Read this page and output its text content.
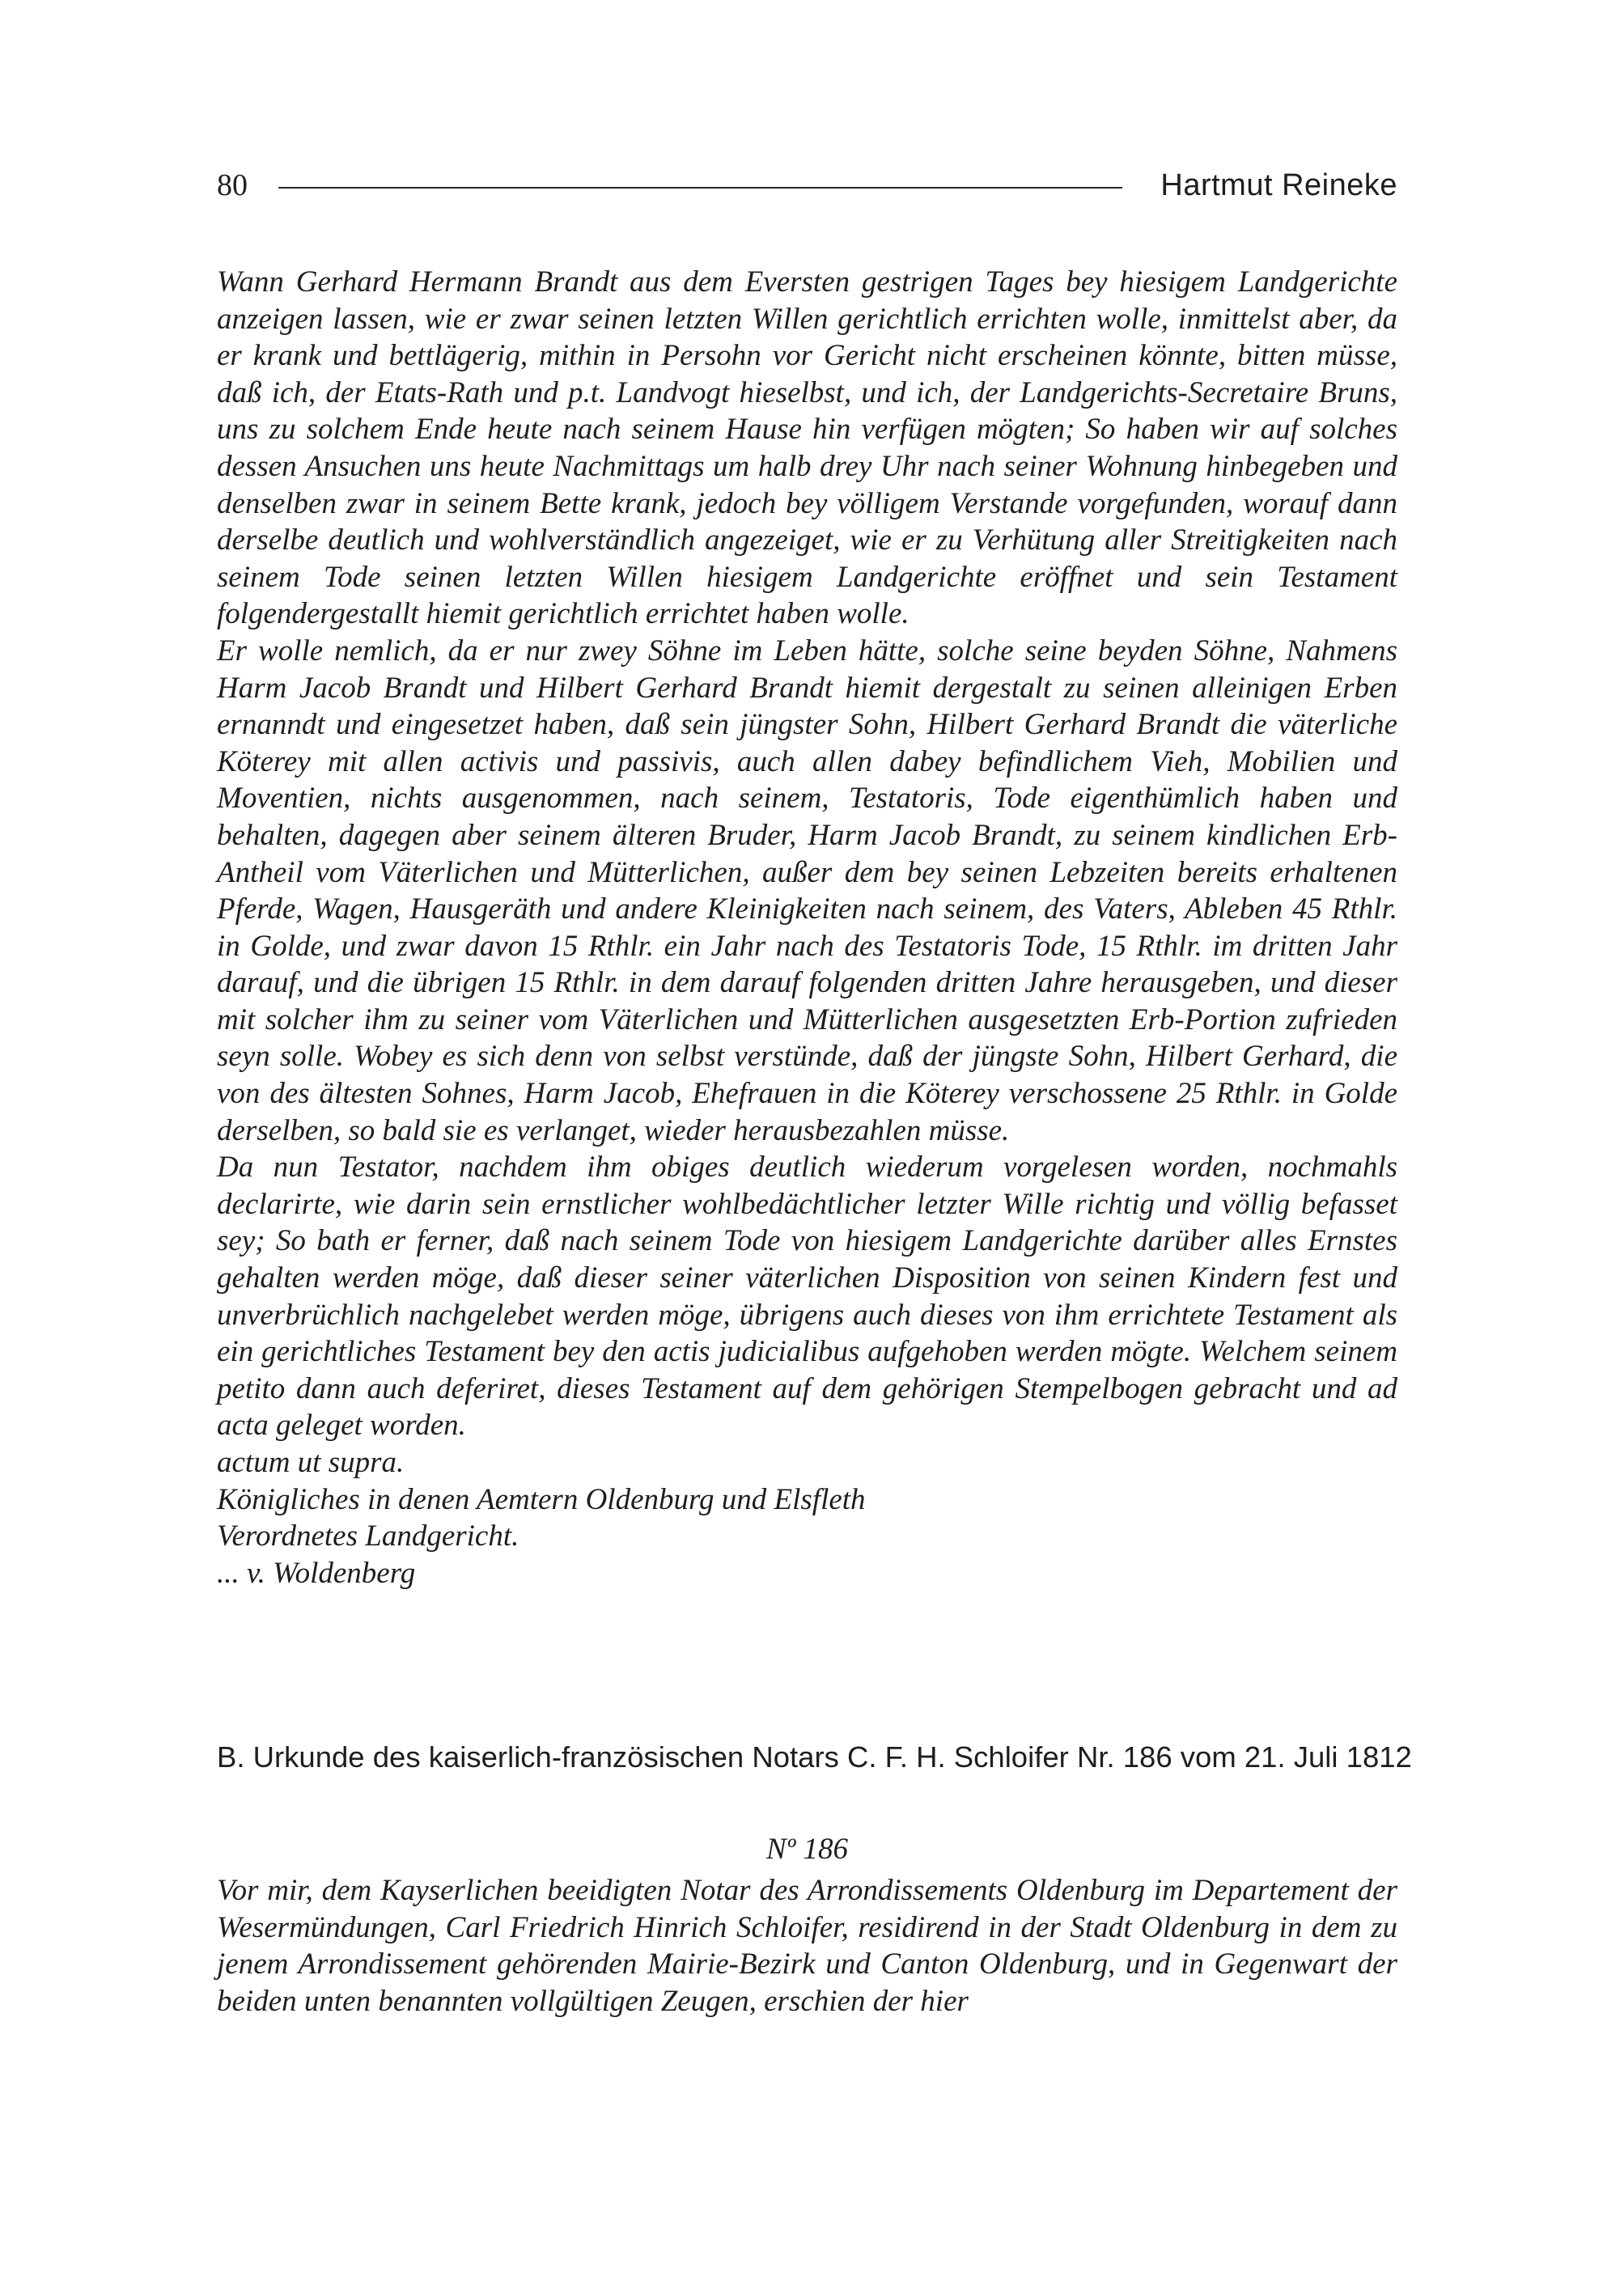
80	Hartmut Reineke

Wann Gerhard Hermann Brandt aus dem Eversten gestrigen Tages bey hiesigem Landgerichte anzeigen lassen, wie er zwar seinen letzten Willen gerichtlich errichten wolle, inmittelst aber, da er krank und bettlägerig, mithin in Persohn vor Gericht nicht erscheinen könnte, bitten müsse, daß ich, der Etats-Rath und p.t. Landvogt hieselbst, und ich, der Landgerichts-Secretaire Bruns, uns zu solchem Ende heute nach seinem Hause hin verfügen mögten; So haben wir auf solches dessen Ansuchen uns heute Nachmittags um halb drey Uhr nach seiner Wohnung hinbegeben und denselben zwar in seinem Bette krank, jedoch bey völligem Verstande vorgefunden, worauf dann derselbe deutlich und wohlverständlich angezeiget, wie er zu Verhütung aller Streitigkeiten nach seinem Tode seinen letzten Willen hiesigem Landgerichte eröffnet und sein Testament folgendergestallt hiemit gerichtlich errichtet haben wolle.

Er wolle nemlich, da er nur zwey Söhne im Leben hätte, solche seine beyden Söhne, Nahmens Harm Jacob Brandt und Hilbert Gerhard Brandt hiemit dergestalt zu seinen alleinigen Erben ernanndt und eingesetzet haben, daß sein jüngster Sohn, Hilbert Gerhard Brandt die väterliche Köterey mit allen activis und passivis, auch allen dabey befindlichem Vieh, Mobilien und Moventien, nichts ausgenommen, nach seinem, Testatoris, Tode eigenthümlich haben und behalten, dagegen aber seinem älteren Bruder, Harm Jacob Brandt, zu seinem kindlichen Erb-Antheil vom Väterlichen und Mütterlichen, außer dem bey seinen Lebzeiten bereits erhaltenen Pferde, Wagen, Hausgeräth und andere Kleinigkeiten nach seinem, des Vaters, Ableben 45 Rthlr. in Golde, und zwar davon 15 Rthlr. ein Jahr nach des Testatoris Tode, 15 Rthlr. im dritten Jahr darauf, und die übrigen 15 Rthlr. in dem darauf folgenden dritten Jahre herausgeben, und dieser mit solcher ihm zu seiner vom Väterlichen und Mütterlichen ausgesetzten Erb-Portion zufrieden seyn solle. Wobey es sich denn von selbst verstünde, daß der jüngste Sohn, Hilbert Gerhard, die von des ältesten Sohnes, Harm Jacob, Ehefrauen in die Köterey verschossene 25 Rthlr. in Golde derselben, so bald sie es verlanget, wieder herausbezahlen müsse.

Da nun Testator, nachdem ihm obiges deutlich wiederum vorgelesen worden, nochmahls declarirte, wie darin sein ernstlicher wohlbedächtlicher letzter Wille richtig und völlig befasset sey; So bath er ferner, daß nach seinem Tode von hiesigem Landgerichte darüber alles Ernstes gehalten werden möge, daß dieser seiner väterlichen Disposition von seinen Kindern fest und unverbrüchlich nachgelebet werden möge, übrigens auch dieses von ihm errichtete Testament als ein gerichtliches Testament bey den actis judicialibus aufgehoben werden mögte. Welchem seinem petito dann auch deferiret, dieses Testament auf dem gehörigen Stempelbogen gebracht und ad acta geleget worden.

actum ut supra.

Königliches in denen Aemtern Oldenburg und Elsfleth

Verordnetes Landgericht.

... v. Woldenberg

B. Urkunde des kaiserlich-französischen Notars C. F. H. Schloifer Nr. 186 vom 21. Juli 1812

Nº 186

Vor mir, dem Kayserlichen beeidigten Notar des Arrondissements Oldenburg im Departement der Wesermündungen, Carl Friedrich Hinrich Schloifer, residirend in der Stadt Oldenburg in dem zu jenem Arrondissement gehörenden Mairie-Bezirk und Canton Oldenburg, und in Gegenwart der beiden unten benannten vollgültigen Zeugen, erschien der hier
